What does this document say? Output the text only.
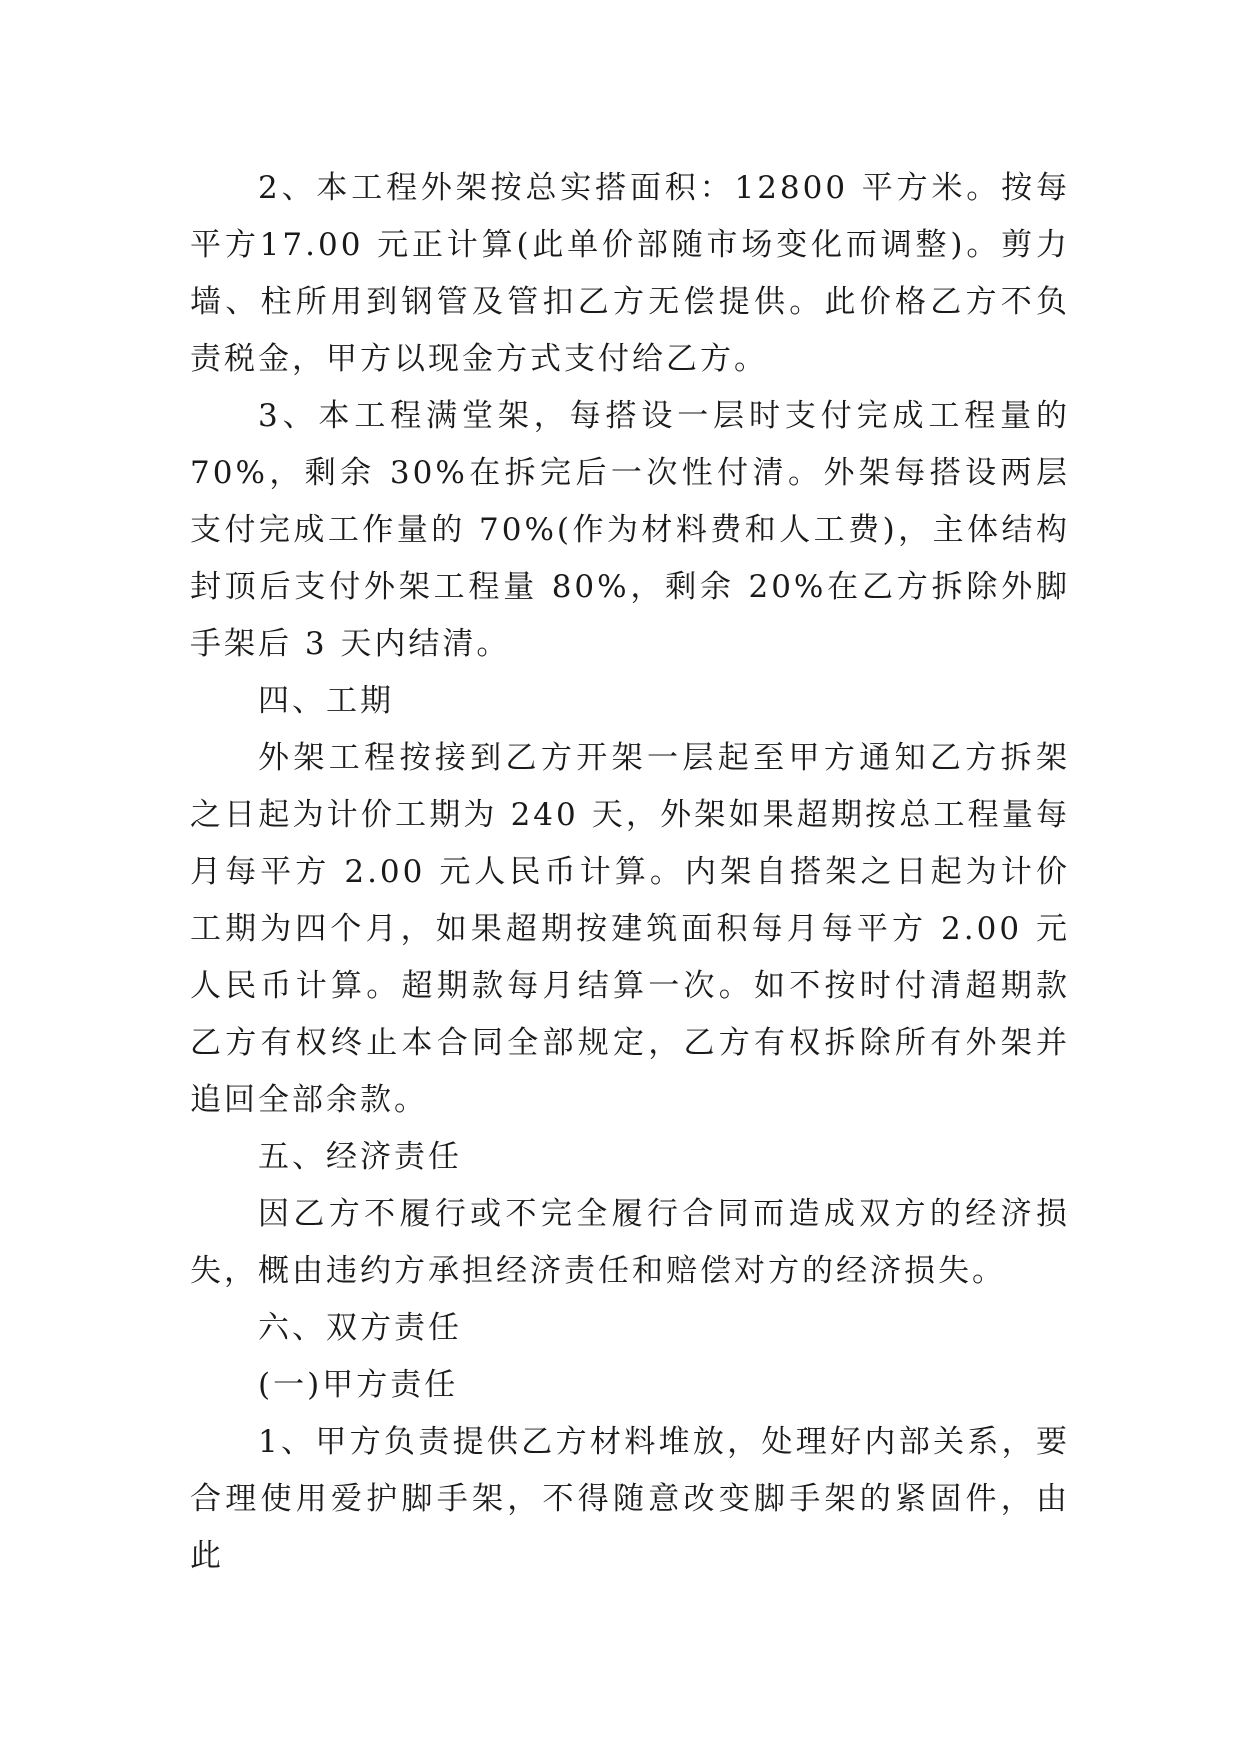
2、本工程外架按总实搭面积：12800 平方米。按每平方17.00 元正计算(此单价部随市场变化而调整)。剪力墙、柱所用到钢管及管扣乙方无偿提供。此价格乙方不负责税金，甲方以现金方式支付给乙方。

3、本工程满堂架，每搭设一层时支付完成工程量的70%，剩余 30%在拆完后一次性付清。外架每搭设两层支付完成工作量的 70%(作为材料费和人工费)，主体结构封顶后支付外架工程量 80%，剩余 20%在乙方拆除外脚手架后 3 天内结清。

四、工期

外架工程按接到乙方开架一层起至甲方通知乙方拆架之日起为计价工期为 240 天，外架如果超期按总工程量每月每平方 2.00 元人民币计算。内架自搭架之日起为计价工期为四个月，如果超期按建筑面积每月每平方 2.00 元人民币计算。超期款每月结算一次。如不按时付清超期款乙方有权终止本合同全部规定，乙方有权拆除所有外架并追回全部余款。

五、经济责任

因乙方不履行或不完全履行合同而造成双方的经济损失，概由违约方承担经济责任和赔偿对方的经济损失。

六、双方责任

(一)甲方责任

1、甲方负责提供乙方材料堆放，处理好内部关系，要合理使用爱护脚手架，不得随意改变脚手架的紧固件，由此
